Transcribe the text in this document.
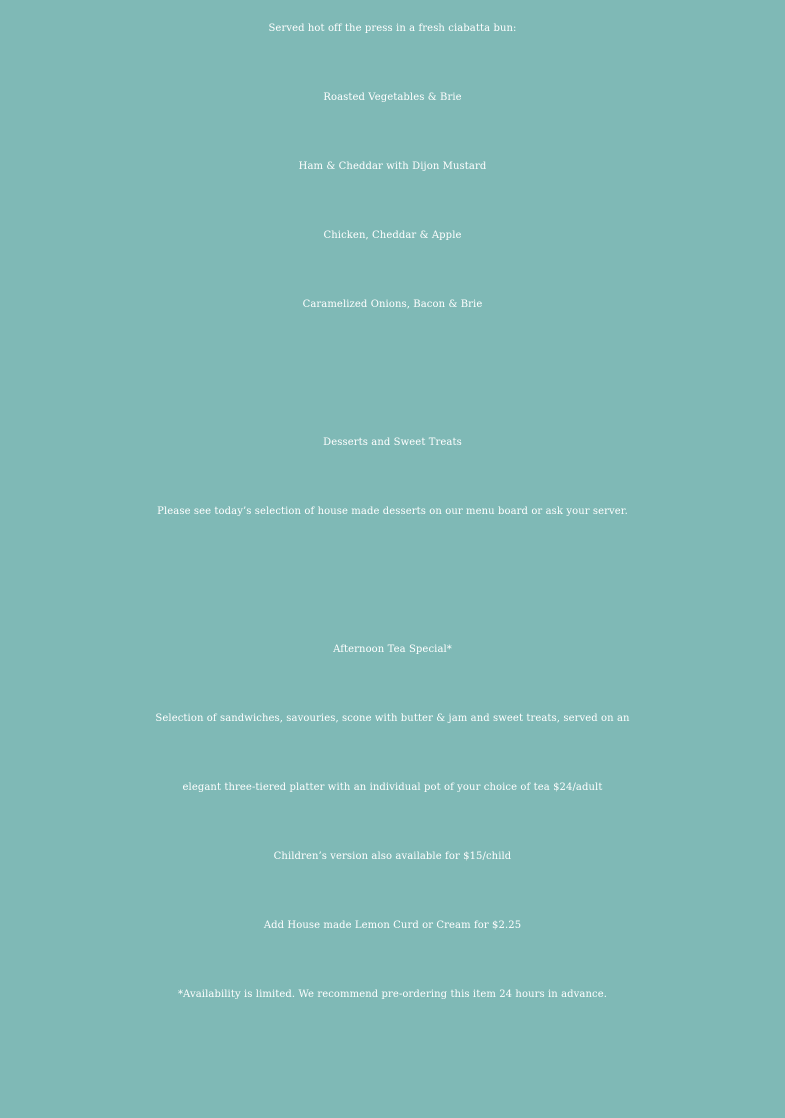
Served hot off the press in a fresh ciabatta bun:
Roasted Vegetables & Brie
Ham & Cheddar with Dijon Mustard
Chicken, Cheddar & Apple
Caramelized Onions, Bacon & Brie
Desserts and Sweet Treats
Please see today’s selection of house made desserts on our menu board or ask your server.
Afternoon Tea Special*
Selection of sandwiches, savouries, scone with butter & jam and sweet treats, served on an
elegant three-tiered platter with an individual pot of your choice of tea $24/adult
Children’s version also available for $15/child
Add House made Lemon Curd or Cream for $2.25
*Availability is limited. We recommend pre-ordering this item 24 hours in advance.
